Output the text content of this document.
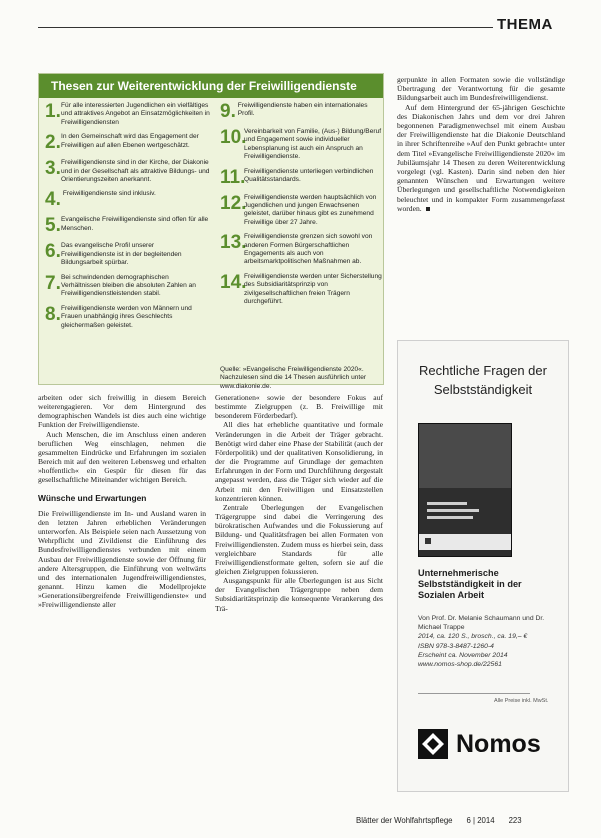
THEMA
Thesen zur Weiterentwicklung der Freiwilligendienste
1. Für alle interessierten Jugendlichen ein vielfältiges und attraktives Angebot an Einsatzmöglichkeiten in Freiwilligendiensten
2. In den Gemeinschaft wird das Engagement der Freiwilligen auf allen Ebenen wertgeschätzt.
3. Freiwilligendienste sind in der Kirche, der Diakonie und in der Gesellschaft als attraktive Bildungs- und Orientierungszeiten anerkannt.
4. Freiwilligendienste sind inklusiv.
5. Evangelische Freiwilligendienste sind offen für alle Menschen.
6. Das evangelische Profil unserer Freiwilligendienste ist in der begleitenden Bildungsarbeit spürbar.
7. Bei schwindenden demographischen Verhältnissen bleiben die absoluten Zahlen an Freiwilligendienstleistenden stabil.
8. Freiwilligendienste werden von Männern und Frauen unabhängig ihres Geschlechts gleichermaßen geleistet.
9. Freiwilligendienste haben ein internationales Profil.
10.
Vereinbarkeit von Familie, (Aus-) Bildung/Beruf und Engagement sowie individueller Lebensplanung ist auch ein Anspruch an Freiwilligendienste.
11.
Freiwilligendienste unterliegen verbindlichen Qualitätsstandards.
12.
Freiwilligendienste werden hauptsächlich von Jugendlichen und jungen Erwachsenen geleistet, darüber hinaus gibt es zunehmend Freiwillige über 27 Jahre.
13.
Freiwilligendienste grenzen sich sowohl von anderen Formen Bürgerschaftlichen Engagements als auch von arbeitsmarktpolitischen Maßnahmen ab.
14.
Freiwilligendienste werden unter Sicherstellung des Subsidiaritätsprinzip von zivilgesellschaftlichen freien Trägern durchgeführt.
Quelle: »Evangelische Freiwilligendienste 2020«. Nachzulesen sind die 14 Thesen ausführlich unter www.diakonie.de.

gerpunkte in allen Formaten sowie die vollständige Übertragung der Verantwortung für die gesamte Bildungsarbeit auch im Bundesfreiwilligendienst.

Auf dem Hintergrund der 65-jährigen Geschichte des Diakonischen Jahrs und dem vor drei Jahren begonnenen Paradigmenwechsel mit einem Ausbau der Freiwilligendienste hat die Diakonie Deutschland in ihrer Schriftenreihe »Auf den Punkt gebracht« unter dem Titel »Evangelische Freiwilligendienste 2020« im Jubiläumsjahr 14 Thesen zu deren Weiterentwicklung vorgelegt (vgl. Kasten). Darin sind neben den hier genannten Wünschen und Erwartungen weitere Überlegungen und gesellschaftliche Notwendigkeiten beleuchtet und in kompakter Form zusammengefasst worden.

arbeiten oder sich freiwillig in diesem Bereich weiterengagieren. Vor dem Hintergrund des demographischen Wandels ist dies auch eine wichtige Funktion der Freiwilligendienste.

Auch Menschen, die im Anschluss einen anderen beruflichen Weg einschlagen, nehmen die gesammelten Eindrücke und Erfahrungen im sozialen Bereich mit auf den weiteren Lebensweg und erhalten »hoffentlich« ein Gespür für diesen für das gesellschaftliche Miteinander wichtigen Bereich.

Wünsche und Erwartungen

Die Freiwilligendienste im In- und Ausland waren in den letzten Jahren erheblichen Veränderungen unterworfen. Als Beispiele seien nach Aussetzung von Wehrpflicht und Zivildienst die Einführung des Bundesfreiwilligendienstes verbunden mit einem Ausbau der Freiwilligendienste sowie der Öffnung für andere Altersgruppen, die Einführung von weltwärts und des internationalen Jugendfreiwilligendienstes, genannt. Hinzu kamen die Modellprojekte »Generationsübergreifende Freiwilligendienste« und »Freiwilligendienste aller

Generationen« sowie der besondere Fokus auf bestimmte Zielgruppen (z. B. Freiwillige mit besonderem Förderbedarf).

All dies hat erhebliche quantitative und formale Veränderungen in die Arbeit der Träger gebracht. Benötigt wird daher eine Phase der Stabilität (auch der Förderpolitik) und der qualitativen Konsolidierung, in der die Programme auf Grundlage der gemachten Erfahrungen in der Form und Durchführung dergestalt angepasst werden, dass die Träger sich wieder auf die Arbeit mit den Freiwilligen und Einsatzstellen konzentrieren können.

Zentrale Überlegungen der Evangelischen Trägergruppe sind dabei die Verringerung des bürokratischen Aufwandes und die Fokussierung auf Bildung- und Qualitätsfragen bei allen Formaten von Freiwilligendiensten. Zudem muss es hierbei sein, dass vergleichbare Standards für alle Freiwilligendienstformate gelten, sofern sie auf die gleichen Zielgruppen fokussieren.

Ausgangspunkt für alle Überlegungen ist aus Sicht der Evangelischen Trägergruppe neben dem Subsidiaritätsprinzip die konsequente Verankerung des Trä-

Rechtliche Fragen der Selbstständigkeit
Unternehmerische Selbstständigkeit in der Sozialen Arbeit
Von Prof. Dr. Melanie Schaumann und Dr. Michael Trappe
2014, ca. 120 S., brosch., ca. 19,– €
ISBN 978-3-8487-1260-4
Erscheint ca. November 2014
www.nomos-shop.de/22561
Alle Preise inkl. MwSt.
Nomos
Blätter der Wohlfahrtspflege 6 | 2014 223
